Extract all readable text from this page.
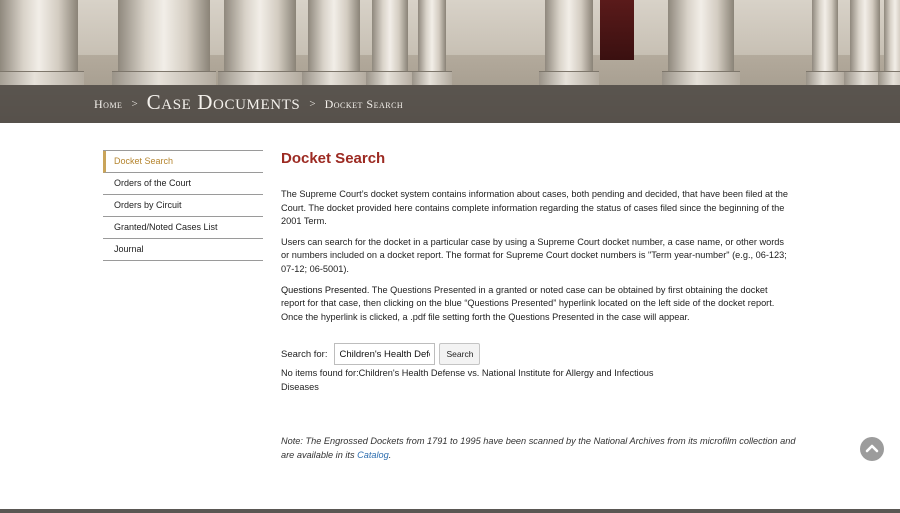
Home > Case Documents > Docket Search
Docket Search
Orders of the Court
Orders by Circuit
Granted/Noted Cases List
Journal
Docket Search

The Supreme Court’s docket system contains information about cases, both pending and decided, that have been filed at the Court. The docket provided here contains complete information regarding the status of cases filed since the beginning of the 2001 Term.

Users can search for the docket in a particular case by using a Supreme Court docket number, a case name, or other words or numbers included on a docket report. The format for Supreme Court docket numbers is "Term year-number" (e.g., 06-123; 07-12; 06-5001).

Questions Presented. The Questions Presented in a granted or noted case can be obtained by first obtaining the docket report for that case, then clicking on the blue “Questions Presented” hyperlink located on the left side of the docket report. Once the hyperlink is clicked, a .pdf file setting forth the Questions Presented in the case will appear.

Search for:
Children's Health Defense vs. National Institute for Allergy and Infectious Diseases	Search
No items found for:Children's Health Defense vs. National Institute for Allergy and Infectious Diseases
Note: The Engrossed Dockets from 1791 to 1995 have been scanned by the National Archives from its microfilm collection and are available in its Catalog.
